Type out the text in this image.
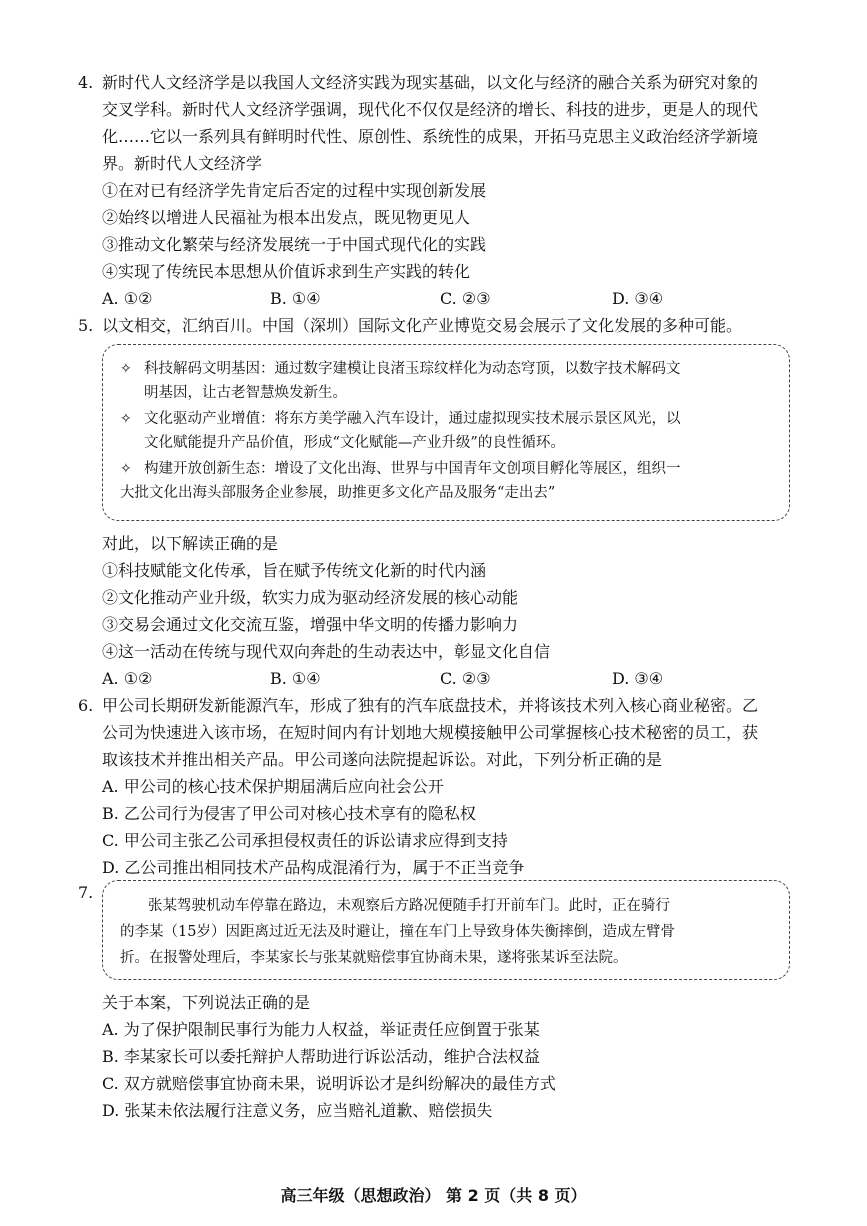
4. 新时代人文经济学是以我国人文经济实践为现实基础，以文化与经济的融合关系为研究对象的
交叉学科。新时代人文经济学强调，现代化不仅仅是经济的增长、科技的进步，更是人的现代
化……它以一系列具有鲜明时代性、原创性、系统性的成果，开拓马克思主义政治经济学新境
界。新时代人文经济学
①在对已有经济学先肯定后否定的过程中实现创新发展
②始终以增进人民福祉为根本出发点，既见物更见人
③推动文化繁荣与经济发展统一于中国式现代化的实践
④实现了传统民本思想从价值诉求到生产实践的转化
A. ①②	B. ①④	C. ②③	D. ③④
5. 以文相交，汇纳百川。中国（深圳）国际文化产业博览交易会展示了文化发展的多种可能。
✧ 科技解码文明基因：通过数字建模让良渚玉琮纹样化为动态穹顶，以数字技术解码文
明基因，让古老智慧焕发新生。
✧ 文化驱动产业增值：将东方美学融入汽车设计，通过虚拟现实技术展示景区风光，以
文化赋能提升产品价值，形成“文化赋能—产业升级”的良性循环。
✧ 构建开放创新生态：增设了文化出海、世界与中国青年文创项目孵化等展区，组织一
大批文化出海头部服务企业参展，助推更多文化产品及服务“走出去”
对此，以下解读正确的是
①科技赋能文化传承，旨在赋予传统文化新的时代内涵
②文化推动产业升级，软实力成为驱动经济发展的核心动能
③交易会通过文化交流互鉴，增强中华文明的传播力影响力
④这一活动在传统与现代双向奔赴的生动表达中，彰显文化自信
A. ①②	B. ①④	C. ②③	D. ③④
6. 甲公司长期研发新能源汽车，形成了独有的汽车底盘技术，并将该技术列入核心商业秘密。乙
公司为快速进入该市场，在短时间内有计划地大规模接触甲公司掌握核心技术秘密的员工，获
取该技术并推出相关产品。甲公司遂向法院提起诉讼。对此，下列分析正确的是
A. 甲公司的核心技术保护期届满后应向社会公开
B. 乙公司行为侵害了甲公司对核心技术享有的隐私权
C. 甲公司主张乙公司承担侵权责任的诉讼请求应得到支持
D. 乙公司推出相同技术产品构成混淆行为，属于不正当竞争
7.
张某驾驶机动车停靠在路边，未观察后方路况便随手打开前车门。此时，正在骑行
的李某（15岁）因距离过近无法及时避让，撞在车门上导致身体失衡摔倒，造成左臂骨
折。在报警处理后，李某家长与张某就赔偿事宜协商未果，遂将张某诉至法院。
关于本案，下列说法正确的是
A. 为了保护限制民事行为能力人权益，举证责任应倒置于张某
B. 李某家长可以委托辩护人帮助进行诉讼活动，维护合法权益
C. 双方就赔偿事宜协商未果，说明诉讼才是纠纷解决的最佳方式
D. 张某未依法履行注意义务，应当赔礼道歉、赔偿损失
高三年级（思想政治） 第 2 页（共 8 页）
